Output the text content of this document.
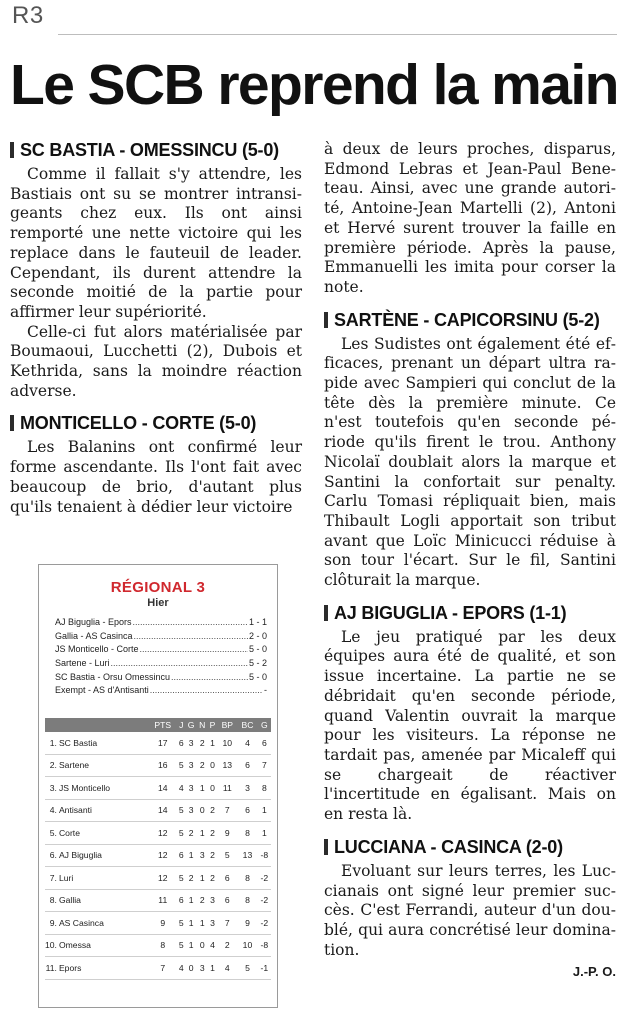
R3
Le SCB reprend la main
SC BASTIA - OMESSINCU (5-0)

Comme il fallait s'y attendre, les Bastiais ont su se montrer intransigeants chez eux. Ils ont ainsi remporté une nette victoire qui les replace dans le fauteuil de leader. Cependant, ils durent attendre la seconde moitié de la partie pour affirmer leur supériorité.

Celle-ci fut alors matérialisée par Boumaoui, Lucchetti (2), Dubois et Kethrida, sans la moindre réaction adverse.

MONTICELLO - CORTE (5-0)

Les Balanins ont confirmé leur forme ascendante. Ils l'ont fait avec beaucoup de brio, d'autant plus qu'ils tenaient à dédier leur victoire

à deux de leurs proches, disparus, Edmond Lebras et Jean-Paul Beneteau. Ainsi, avec une grande autorité, Antoine-Jean Martelli (2), Antoni et Hervé surent trouver la faille en première période. Après la pause, Emmanuelli les imita pour corser la note.

SARTÈNE - CAPICORSINU (5-2)

Les Sudistes ont également été efficaces, prenant un départ ultra rapide avec Sampieri qui conclut de la tête dès la première minute. Ce n'est toutefois qu'en seconde période qu'ils firent le trou. Anthony Nicolaï doublait alors la marque et Santini la confortait sur penalty. Carlu Tomasi répliquait bien, mais Thibault Logli apportait son tribut avant que Loïc Minicucci réduise à son tour l'écart. Sur le fil, Santini clôturait la marque.

AJ BIGUGLIA - EPORS (1-1)

Le jeu pratiqué par les deux équipes aura été de qualité, et son issue incertaine. La partie ne se débridait qu'en seconde période, quand Valentin ouvrait la marque pour les visiteurs. La réponse ne tardait pas, amenée par Micaleff qui se chargeait de réactiver l'incertitude en égalisant. Mais on en resta là.

LUCCIANA - CASINCA (2-0)

Evoluant sur leurs terres, les Luccianais ont signé leur premier succès. C'est Ferrandi, auteur d'un doublé, qui aura concrétisé leur domination.

J.-P. O.
RÉGIONAL 3
Hier
AJ Biguglia - Epors .....	1 - 1
Gallia - AS Casinca .....	2 - 0
JS Monticello - Corte .....	5 - 0
Sartene - Luri .....	5 - 2
SC Bastia - Orsu Omessincu .....	5 - 0
Exempt - AS d'Antisanti .....	-
		PTS	J	G	N	P	BP	BC	G
1.	SC Bastia	17	6	3	2	1	10	4	6
2.	Sartene	16	5	3	2	0	13	6	7
3.	JS Monticello	14	4	3	1	0	11	3	8
4.	Antisanti	14	5	3	0	2	7	6	1
5.	Corte	12	5	2	1	2	9	8	1
6.	AJ Biguglia	12	6	1	3	2	5	13	-8
7.	Luri	12	5	2	1	2	6	8	-2
8.	Gallia	11	6	1	2	3	6	8	-2
9.	AS Casinca	9	5	1	1	3	7	9	-2
10.	Omessa	8	5	1	0	4	2	10	-8
11.	Epors	7	4	0	3	1	4	5	-1
